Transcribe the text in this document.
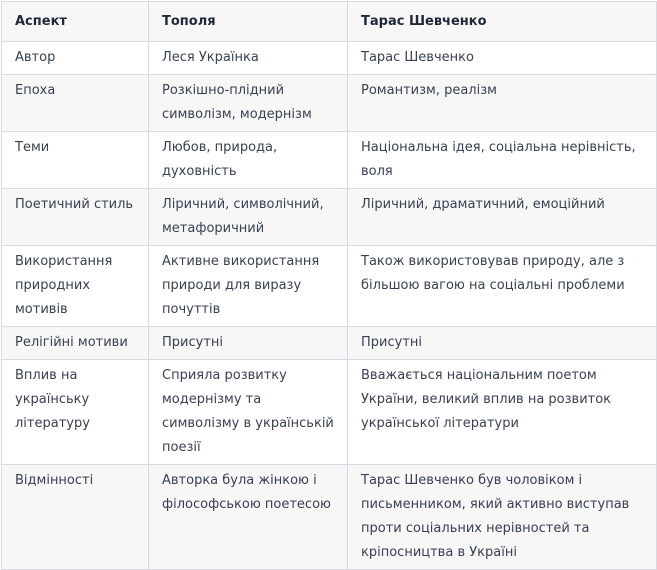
Аспект	Тополя	Тарас Шевченко
Автор	Леся Українка	Тарас Шевченко
Епоха	Розкішно-плідний символізм, модернізм	Романтизм, реалізм
Теми	Любов, природа, духовність	Національна ідея, соціальна нерівність, воля
Поетичний стиль	Ліричний, символічний, метафоричний	Ліричний, драматичний, емоційний
Використання природних мотивів	Активне використання природи для виразу почуттів	Також використовував природу, але з більшою вагою на соціальні проблеми
Релігійні мотиви	Присутні	Присутні
Вплив на українську літературу	Сприяла розвитку модернізму та символізму в українській поезії	Вважається національним поетом України, великий вплив на розвиток української літератури
Відмінності	Авторка була жінкою і філософською поетесою	Тарас Шевченко був чоловіком і письменником, який активно виступав проти соціальних нерівностей та кріпосництва в Україні
